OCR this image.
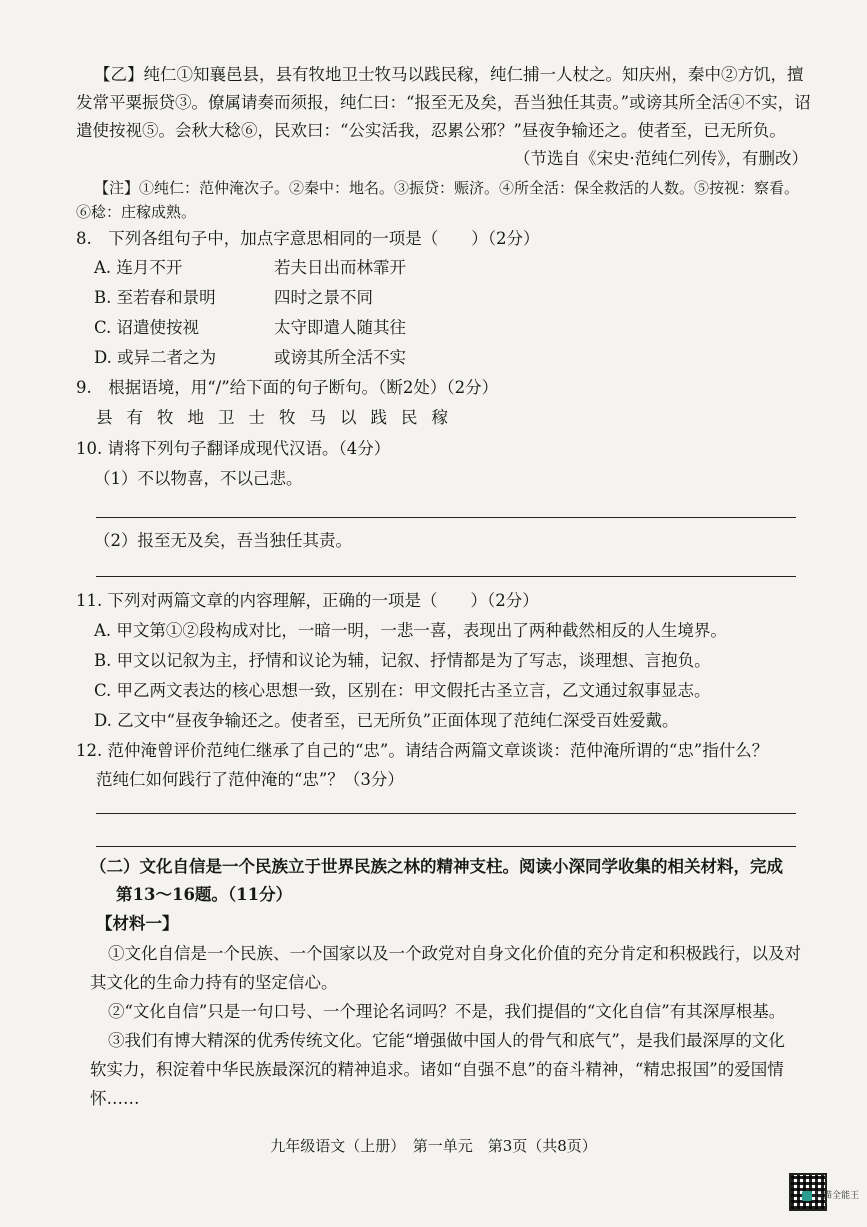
【乙】纯仁①知襄邑县，县有牧地卫士牧马以践民稼，纯仁捕一人杖之。知庆州，秦中②方饥，擅
发常平粟振贷③。僚属请奏而须报，纯仁曰：“报至无及矣，吾当独任其责。”或谤其所全活④不实，诏
遣使按视⑤。会秋大稔⑥，民欢曰：“公实活我，忍累公邪？”昼夜争输还之。使者至，已无所负。
（节选自《宋史·范纯仁列传》，有删改）
【注】①纯仁：范仲淹次子。②秦中：地名。③振贷：赈济。④所全活：保全救活的人数。⑤按视：察看。
⑥稔：庄稼成熟。
8.　下列各组句子中，加点字意思相同的一项是（　　）（2分）
A. 连月不开	若夫日出而林霏开
B. 至若春和景明	四时之景不同
C. 诏遣使按视	太守即遣人随其往
D. 或异二者之为	或谤其所全活不实
9.　根据语境，用“/”给下面的句子断句。（断2处）（2分）
县有牧地卫士牧马以践民稼
10. 请将下列句子翻译成现代汉语。（4分）
（1）不以物喜，不以己悲。
（2）报至无及矣，吾当独任其责。
11. 下列对两篇文章的内容理解，正确的一项是（　　）（2分）
A. 甲文第①②段构成对比，一暗一明，一悲一喜，表现出了两种截然相反的人生境界。
B. 甲文以记叙为主，抒情和议论为辅，记叙、抒情都是为了写志，谈理想、言抱负。
C. 甲乙两文表达的核心思想一致，区别在：甲文假托古圣立言，乙文通过叙事显志。
D. 乙文中“昼夜争输还之。使者至，已无所负”正面体现了范纯仁深受百姓爱戴。
12. 范仲淹曾评价范纯仁继承了自己的“忠”。请结合两篇文章谈谈：范仲淹所谓的“忠”指什么？
范纯仁如何践行了范仲淹的“忠”？（3分）
（二）文化自信是一个民族立于世界民族之林的精神支柱。阅读小深同学收集的相关材料，完成
第13～16题。（11分）
【材料一】
①文化自信是一个民族、一个国家以及一个政党对自身文化价值的充分肯定和积极践行，以及对
其文化的生命力持有的坚定信心。
②“文化自信”只是一句口号、一个理论名词吗？不是，我们提倡的“文化自信”有其深厚根基。
③我们有博大精深的优秀传统文化。它能“增强做中国人的骨气和底气”，是我们最深厚的文化
软实力，积淀着中华民族最深沉的精神追求。诸如“自强不息”的奋斗精神，“精忠报国”的爱国情
怀……
九年级语文（上册）　第一单元　第3页（共8页）
扫描全能王
